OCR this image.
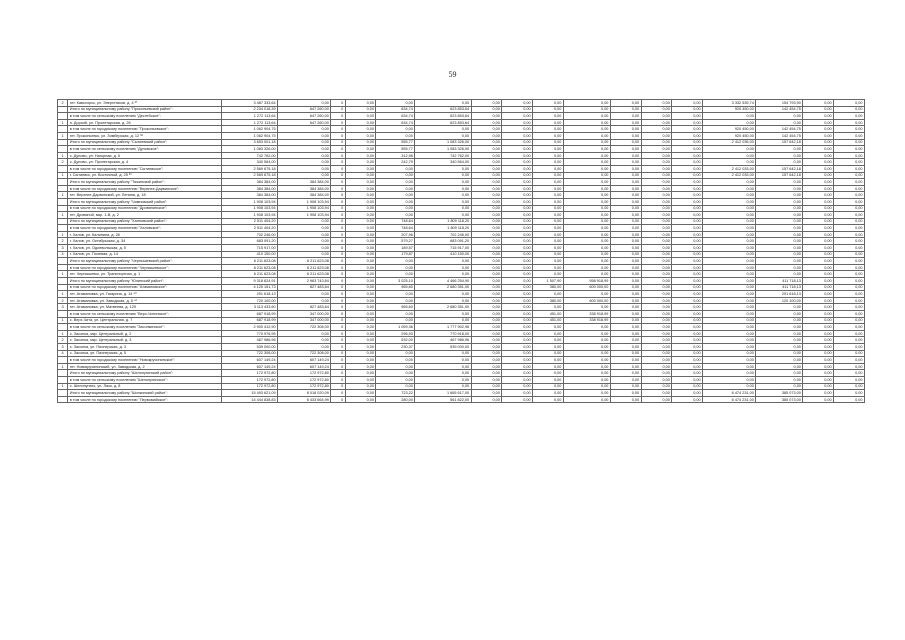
59
2	пгт. Камогорск, ул. Энергетиков, д. 4 ³⁷	3 487 333,64	0,00	0	0,00	0,00	0,00	0,00	0,00	0,00	0,00	0,00	0,00	0,00	3 332 539,74	154 793,90	0,00	0,00
	Итого по муниципальному району "Прокопьевский район":	2 234 018,39	647 260,00	0	0,00	634,74	623 853,64	0,00	0,00	0,00	0,00	0,00	0,00	0,00	920 450,00	142 454,75	0,00	0,00
	в том числе по сельскому поселению "Деснтбское":	1 272 113,64	647 260,00	0	0,00	634,74	623 853,64	0,00	0,00	0,00	0,00	0,00	0,00	0,00	0,00	0,00	0,00	0,00
1	п. Дорсий, ул. Пролетарская, д. 26	1 272 113,64	647 260,00	0	0,00	634,74	623 853,64	0,00	0,00	0,00	0,00	0,00	0,00	0,00	0,00	0,00	0,00	0,00
	в том числе по городскому поселению "Прокопьевское":	1 062 904,75	0,00	0	0,00	0,00	0,00	0,00	0,00	0,00	0,00	0,00	0,00	0,00	920 450,00	142 454,75	0,00	0,00
1	пгт. Прокопьевск, ул. Зимберская, д. 12 ³⁸	1 062 904,75	0,00	0	0,00	0,00	0,00	0,00	0,00	0,00	0,00	0,00	0,00	0,00	920 450,00	142 454,75	0,00	0,00
	Итого по муниципальному району "Сытиевский район":	3 653 001,18	0,00	0	0,00	555,77	1 083 326,00	0,00	0,00	0,00	0,00	0,00	0,00	0,00	2 412 035,00	157 642,18	0,00	0,00
	в том числе по сельскому поселению "Дуновское":	1 083 326,00	0,00	0	0,00	555,77	1 083 326,00	0,00	0,00	0,00	0,00	0,00	0,00	0,00	0,00	0,00	0,00	0,00
1	с. Дуново, ул. Нагорная, д. 6	742 762,00	0,00	0	0,00	312,98	742 762,00	0,00	0,00	0,00	0,00	0,00	0,00	0,00	0,00	0,00	0,00	0,00
2	с. Дуново, ул. Пролетарская, д. 4	340 564,00	0,00	0	0,00	242,79	340 564,00	0,00	0,00	0,00	0,00	0,00	0,00	0,00	0,00	0,00	0,00	0,00
	в том числе по городскому поселению "Сытиевское":	2 569 675,18	0,00	0	0,00	0,00	0,00	0,00	0,00	0,00	0,00	0,00	0,00	0,00	2 412 033,00	157 642,18	0,00	0,00
1	г. Сытиевск, ул. Восточный, д. 25 ³⁹	2 569 675,18	0,00	0	0,00	0,00	0,00	0,00	0,00	0,00	0,00	0,00	0,00	0,00	2 412 033,00	157 642,18	0,00	0,00
	Итого по муниципальному району "Тяжинский район":	384 384,00	384 384,00	0	0,00	0,00	0,00	0,00	0,00	0,00	0,00	0,00	0,00	0,00	0,00	0,00	0,00	0,00
	в том числе по городскому поселению "Верхнее-Дарвинское":	384 384,00	384 384,00	0	0,00	0,00	0,00	0,00	0,00	0,00	0,00	0,00	0,00	0,00	0,00	0,00	0,00	0,00
1	пгт. Верхнее-Дарвинский, ул. Ленина, д. 18	384 384,00	384 384,00	0	0,00	0,00	0,00	0,00	0,00	0,00	0,00	0,00	0,00	0,00	0,00	0,00	0,00	0,00
	Итого по муниципальному району "Чимновский район":	1 908 103,94	1 908 103,94	0	0,00	0,00	0,00	0,00	0,00	0,00	0,00	0,00	0,00	0,00	0,00	0,00	0,00	0,00
	в том числе по городскому поселению "Дровянинское":	1 908 103,94	1 908 103,94	0	0,00	0,00	0,00	0,00	0,00	0,00	0,00	0,00	0,00	0,00	0,00	0,00	0,00	0,00
1	пгт. Дровяной, мкр. 1-В, д. 2	1 908 103,94	1 908 103,94	0	0,00	0,00	0,00	0,00	0,00	0,00	0,00	0,00	0,00	0,00	0,00	0,00	0,00	0,00
	Итого по муниципальному району "Халновский район":	2 511 404,20	0,00	0	0,00	748,64	1 809 118,20	0,00	0,00	0,00	0,00	0,00	0,00	0,00	0,00	0,00	0,00	0,00
	в том числе по городскому поселению "Халовское":	2 511 404,20	0,00	0	0,00	748,64	1 809 118,20	0,00	0,00	0,00	0,00	0,00	0,00	0,00	0,00	0,00	0,00	0,00
1	г. Халов, ул. Калинина, д. 28	702 246,00	0,00	0	0,00	207,96	702 246,00	0,00	0,00	0,00	0,00	0,00	0,00	0,00	0,00	0,00	0,00	0,00
2	г. Халов, ул. Октябрьская, д. 34	683 091,20	0,00	0	0,00	579,27	683 091,20	0,00	0,00	0,00	0,00	0,00	0,00	0,00	0,00	0,00	0,00	0,00
3	г. Халов, ул. Одоевольская, д. 5	715 917,00	0,00	0	0,00	189,57	715 917,00	0,00	0,00	0,00	0,00	0,00	0,00	0,00	0,00	0,00	0,00	0,00
4	г. Халов, ул. Полевая, д. 14	410 150,00	0,00	0	0,00	179,87	410 150,00	0,00	0,00	0,00	0,00	0,00	0,00	0,00	0,00	0,00	0,00	0,00
	Итого по муниципальному району "Чернышевский район":	6 211 623,08	6 211 623,08	0	0,00	0,00	0,00	0,00	0,00	0,00	0,00	0,00	0,00	0,00	0,00	0,00	0,00	0,00
	в том числе по городскому поселению "Чернышевское":	6 211 623,08	6 211 623,08	0	0,00	0,00	0,00	0,00	0,00	0,00	0,00	0,00	0,00	0,00	0,00	0,00	0,00	0,00
1	пгт. Чернышевск, ул. Транспортная, д. 1	6 211 623,08	6 211 623,08	0	0,00	0,00	0,00	0,00	0,00	0,00	0,00	0,00	0,00	0,00	0,00	0,00	0,00	0,00
	Итого по муниципальному району "Юлинский район":	9 318 624,91	2 963 743,84	0	0,00	3 025,10	4 466 254,90	0,00	0,00	1 507,90	958 918,99	0,00	0,00	0,00	0,00	411 718,13	0,00	0,00
	в том числе по городскому поселению "Атамановское":	4 125 151,73	827 483,64	0	0,00	965,60	2 680 351,00	0,00	0,00	380,00	600 000,00	0,00	0,00	0,00	0,00	411 718,13	0,00	0,00
1	пгт. Атамановка, ул. Гагарина, д. 14 ⁴⁰	291 618,13	0,00	0	0,00	0,00	0,00	0,00	0,00	0,00	0,00	0,00	0,00	0,00	0,00	291 618,13	0,00	0,00
2	пгт. Атамановка, ул. Заводская, д. 5 ⁴¹	720 100,00	0,00	0	0,00	0,00	0,00	0,00	0,00	380,00	600 000,00	0,00	0,00	0,00	0,00	120 100,00	0,00	0,00
3	пгт. Атамановка, ул. Матвеева, д. 129	3 113 433,60	827 483,64	0	0,00	965,60	2 680 351,00	0,00	0,00	0,00	0,00	0,00	0,00	0,00	0,00	0,00	0,00	0,00
	в том числе по сельскому поселению "Верх-Читинское":	687 918,99	347 000,00	0	0,00	0,00	0,00	0,00	0,00	451,00	338 918,99	0,00	0,00	0,00	0,00	0,00	0,00	0,00
1	с. Верх-Чита, ул. Центральная, д. 7	687 918,99	347 000,00	0	0,00	0,00	0,00	0,00	0,00	451,00	338 918,99	0,00	0,00	0,00	0,00	0,00	0,00	0,00
	в том числе по сельскому поселению "Засопкинское":	2 900 412,90	722 308,00	0	0,00	1 059,36	1 777 902,96	0,00	0,00	0,00	0,00	0,00	0,00	0,00	0,00	0,00	0,00	0,00
1	с. Засопка, мкр. Центральный, д. 2	770 976,95	0,00	0	0,00	296,93	770 918,00	0,00	0,00	0,00	0,00	0,00	0,00	0,00	0,00	0,00	0,00	0,00
2	с. Засопка, мкр. Центральный, д. 3	467 986,96	0,00	0	0,00	532,00	467 986,96	0,00	0,00	0,00	0,00	0,00	0,00	0,00	0,00	0,00	0,00	0,00
3	с. Засопка, ул. Пионерская, д. 3	539 000,00	0,00	0	0,00	230,37	539 000,00	0,00	0,00	0,00	0,00	0,00	0,00	0,00	0,00	0,00	0,00	0,00
4	с. Засопка, ул. Пионерская, д. 5	722 308,00	722 308,00	0	0,00	0,00	0,00	0,00	0,00	0,00	0,00	0,00	0,00	0,00	0,00	0,00	0,00	0,00
	в том числе по городскому поселению "Новокручининское":	607 149,24	607 149,24	0	0,00	0,00	0,00	0,00	0,00	0,00	0,00	0,00	0,00	0,00	0,00	0,00	0,00	0,00
1	пгт. Новокручининский, ул. Заводская, д. 2	607 149,24	607 149,24	0	0,00	0,00	0,00	0,00	0,00	0,00	0,00	0,00	0,00	0,00	0,00	0,00	0,00	0,00
	Итого по муниципальному району "Шелопугинский район":	172 972,80	172 972,80	0	0,00	0,00	0,00	0,00	0,00	0,00	0,00	0,00	0,00	0,00	0,00	0,00	0,00	0,00
	в том числе по сельскому поселению "Шелопугинское":	172 972,80	172 972,80	0	0,00	0,00	0,00	0,00	0,00	0,00	0,00	0,00	0,00	0,00	0,00	0,00	0,00	0,00
1	с. Шелопугино, ул. Лазо, д. 8	172 972,80	172 972,80	0	0,00	0,00	0,00	0,00	0,00	0,00	0,00	0,00	0,00	0,00	0,00	0,00	0,00	0,00
	Итого по муниципальному району "Шилкинский район":	15 493 621,09	8 018 020,09	0	0,00	723,22	1 665 617,00	0,00	0,00	0,00	0,00	0,00	0,00	0,00	6 474 231,00	385 073,00	0,00	0,00
	в том числе по городскому поселению "Первомайское":	14 444 838,83	6 433 664,99	0	0,00	280,00	561 822,00	0,00	0,00	0,00	0,00	0,00	0,00	0,00	6 474 231,00	385 073,00	0,00	0,00
